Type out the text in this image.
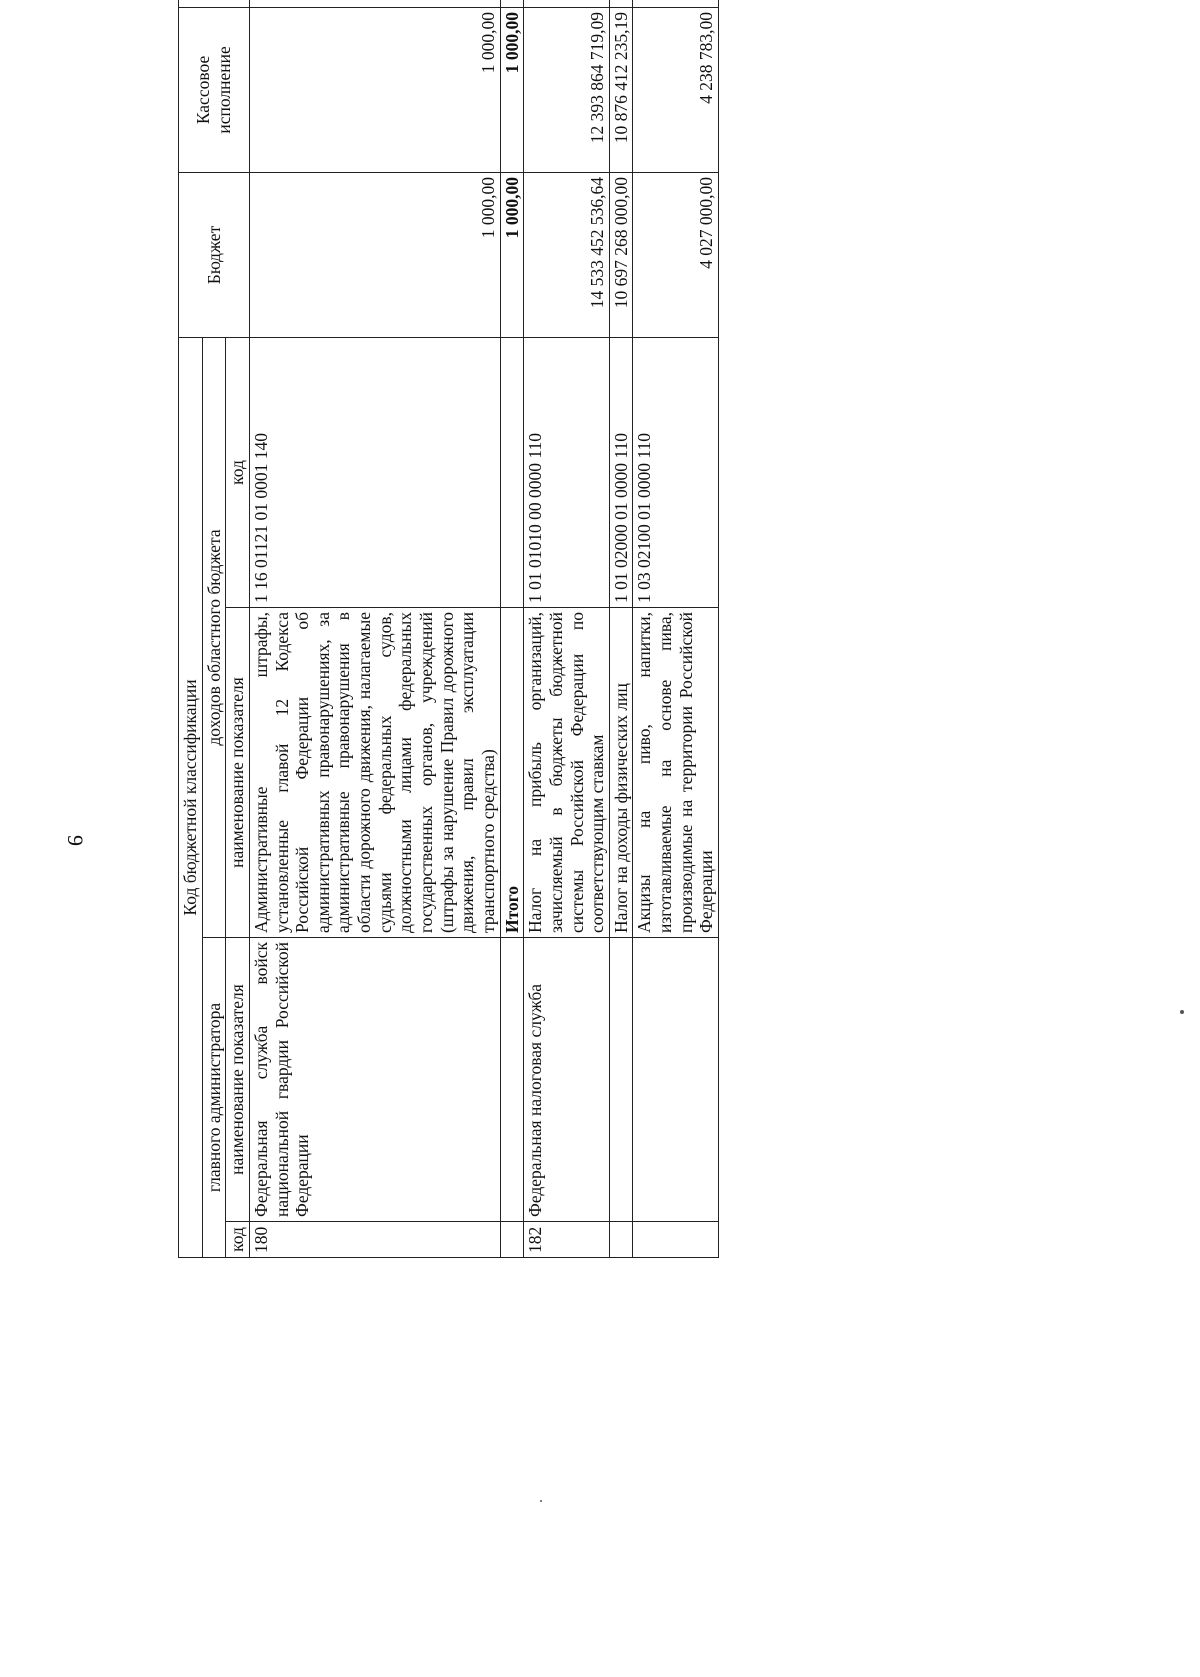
9	Код бюджетной классификации				Бюджет	Кассовое исполнение	
главного администратора		доходов областного бюджета				
код	наименование показателя	наименование показателя	код			
180	Федеральная служба войск национальной гвардии Российской Федерации	Административные штрафы, установленные главой 12 Кодекса Российской Федерации об административных правонарушениях, за административные правонарушения в области дорожного движения, налагаемые судьями федеральных судов, должностными лицами федеральных государственных органов, учреждений (штрафы за нарушение Правил дорожного движения, правил эксплуатации транспортного средства)	1 16 01121 01 0001 140	1 000,00	1 000,00	
		Итого		1 000,00	1 000,00	
182	Федеральная налоговая служба	Налог на прибыль организаций, зачисляемый в бюджеты бюджетной системы Российской Федерации по соответствующим ставкам	1 01 01010 00 0000 110	14 533 452 536,64	12 393 864 719,09	
		Налог на доходы физических лиц	1 01 02000 01 0000 110	10 697 268 000,00	10 876 412 235,19	
		Акцизы на пиво, напитки, изготавливаемые на основе пива, производимые на территории Российской Федерации	1 03 02100 01 0000 110	4 027 000,00	4 238 783,00	
